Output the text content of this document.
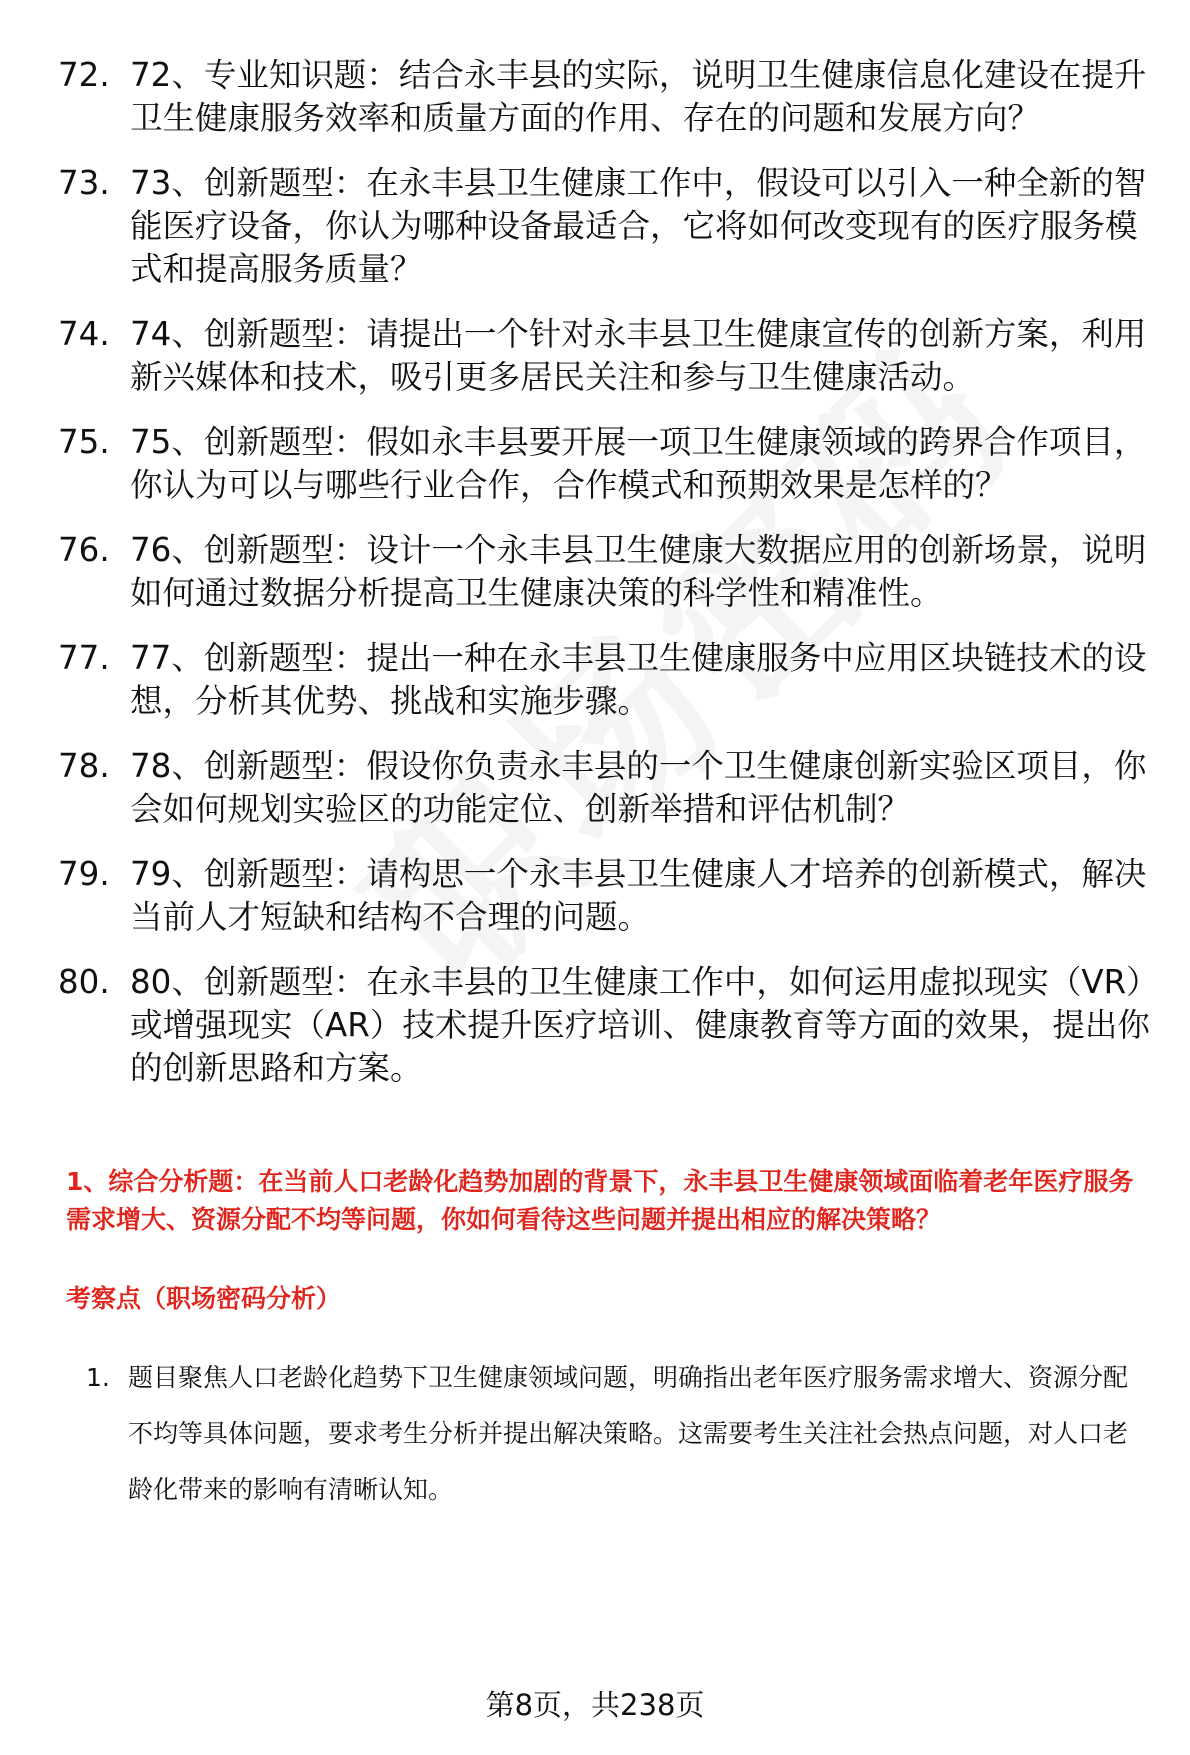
72. 72、专业知识题：结合永丰县的实际，说明卫生健康信息化建设在提升卫生健康服务效率和质量方面的作用、存在的问题和发展方向？
73. 73、创新题型：在永丰县卫生健康工作中，假设可以引入一种全新的智能医疗设备，你认为哪种设备最适合，它将如何改变现有的医疗服务模式和提高服务质量？
74. 74、创新题型：请提出一个针对永丰县卫生健康宣传的创新方案，利用新兴媒体和技术，吸引更多居民关注和参与卫生健康活动。
75. 75、创新题型：假如永丰县要开展一项卫生健康领域的跨界合作项目，你认为可以与哪些行业合作，合作模式和预期效果是怎样的？
76. 76、创新题型：设计一个永丰县卫生健康大数据应用的创新场景，说明如何通过数据分析提高卫生健康决策的科学性和精准性。
77. 77、创新题型：提出一种在永丰县卫生健康服务中应用区块链技术的设想，分析其优势、挑战和实施步骤。
78. 78、创新题型：假设你负责永丰县的一个卫生健康创新实验区项目，你会如何规划实验区的功能定位、创新举措和评估机制？
79. 79、创新题型：请构思一个永丰县卫生健康人才培养的创新模式，解决当前人才短缺和结构不合理的问题。
80. 80、创新题型：在永丰县的卫生健康工作中，如何运用虚拟现实（VR）或增强现实（AR）技术提升医疗培训、健康教育等方面的效果，提出你的创新思路和方案。
1、综合分析题：在当前人口老龄化趋势加剧的背景下，永丰县卫生健康领域面临着老年医疗服务需求增大、资源分配不均等问题，你如何看待这些问题并提出相应的解决策略？
考察点（职场密码分析）
1. 题目聚焦人口老龄化趋势下卫生健康领域问题，明确指出老年医疗服务需求增大、资源分配不均等具体问题，要求考生分析并提出解决策略。这需要考生关注社会热点问题，对人口老龄化带来的影响有清晰认知。
第8页，共238页
